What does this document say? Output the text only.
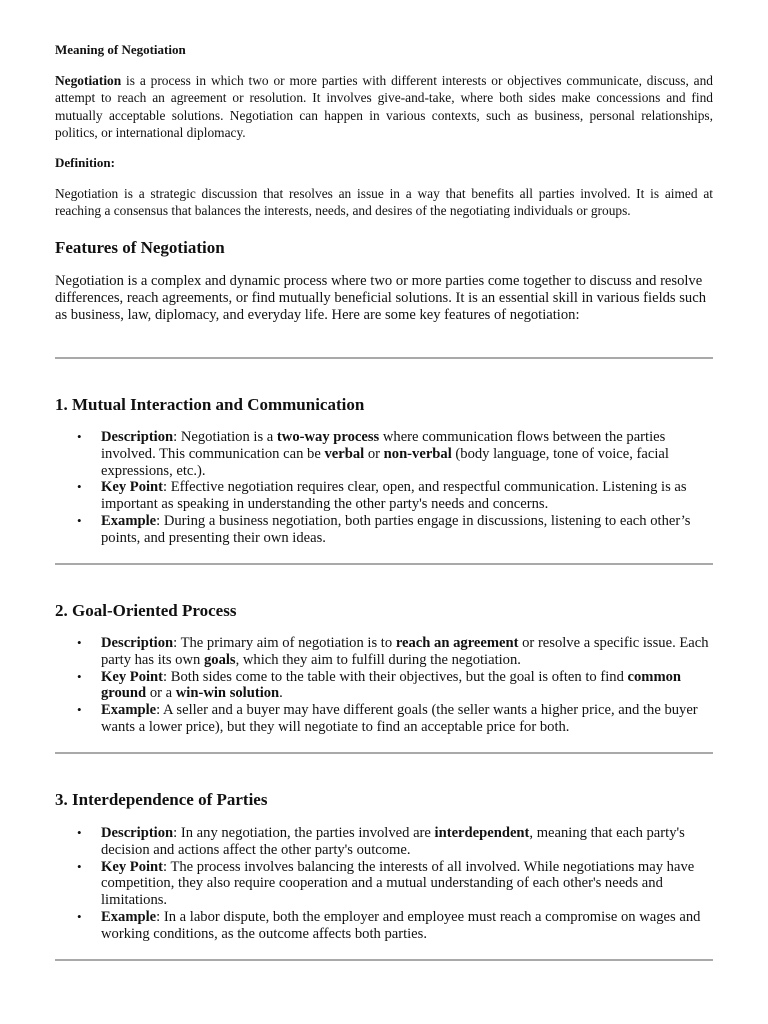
Meaning of Negotiation

Negotiation is a process in which two or more parties with different interests or objectives communicate, discuss, and attempt to reach an agreement or resolution. It involves give-and-take, where both sides make concessions and find mutually acceptable solutions. Negotiation can happen in various contexts, such as business, personal relationships, politics, or international diplomacy.

Definition:

Negotiation is a strategic discussion that resolves an issue in a way that benefits all parties involved. It is aimed at reaching a consensus that balances the interests, needs, and desires of the negotiating individuals or groups.

Features of Negotiation

Negotiation is a complex and dynamic process where two or more parties come together to discuss and resolve differences, reach agreements, or find mutually beneficial solutions. It is an essential skill in various fields such as business, law, diplomacy, and everyday life. Here are some key features of negotiation:

1. Mutual Interaction and Communication
• Description: Negotiation is a two-way process where communication flows between the parties involved. This communication can be verbal or non-verbal (body language, tone of voice, facial expressions, etc.).
• Key Point: Effective negotiation requires clear, open, and respectful communication. Listening is as important as speaking in understanding the other party's needs and concerns.
• Example: During a business negotiation, both parties engage in discussions, listening to each other’s points, and presenting their own ideas.
2. Goal-Oriented Process
• Description: The primary aim of negotiation is to reach an agreement or resolve a specific issue. Each party has its own goals, which they aim to fulfill during the negotiation.
• Key Point: Both sides come to the table with their objectives, but the goal is often to find common ground or a win-win solution.
• Example: A seller and a buyer may have different goals (the seller wants a higher price, and the buyer wants a lower price), but they will negotiate to find an acceptable price for both.
3. Interdependence of Parties
• Description: In any negotiation, the parties involved are interdependent, meaning that each party's decision and actions affect the other party's outcome.
• Key Point: The process involves balancing the interests of all involved. While negotiations may have competition, they also require cooperation and a mutual understanding of each other's needs and limitations.
• Example: In a labor dispute, both the employer and employee must reach a compromise on wages and working conditions, as the outcome affects both parties.
